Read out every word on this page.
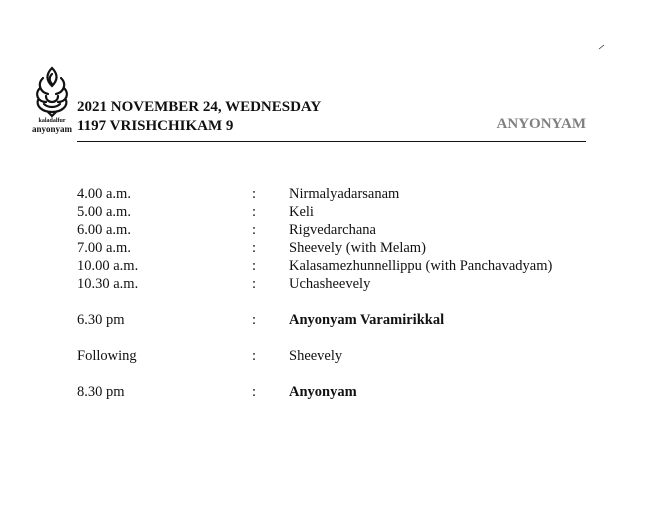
kaladalfur
anyonyam
2021 NOVEMBER 24, WEDNESDAY
1197 VRISHCHIKAM 9	ANYONYAM
4.00 a.m.	: Nirmalyadarsanam
5.00 a.m.	: Keli
6.00 a.m.	: Rigvedarchana
7.00 a.m.	: Sheevely (with Melam)
10.00 a.m.	: Kalasamezhunnellippu (with Panchavadyam)
10.30 a.m.	: Uchasheevely
6.30 pm	: Anyonyam Varamirikkal
Following	: Sheevely
8.30 pm	: Anyonyam
